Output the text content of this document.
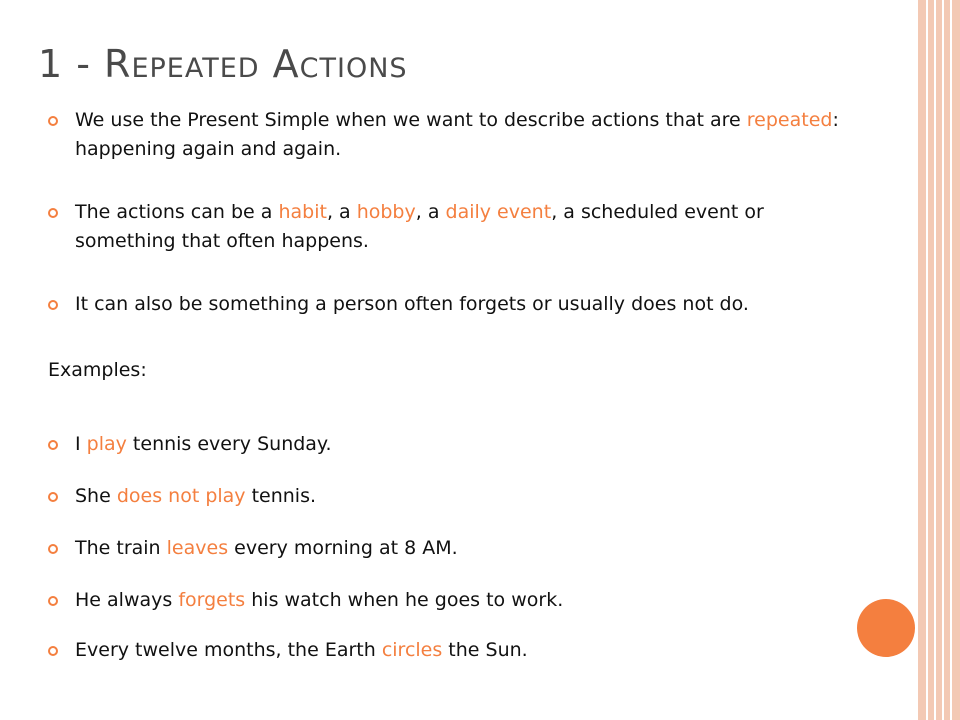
1 - Repeated Actions
We use the Present Simple when we want to describe actions that are repeated: happening again and again.
The actions can be a habit, a hobby, a daily event, a scheduled event or something that often happens.
It can also be something a person often forgets or usually does not do.
Examples:
I play tennis every Sunday.
She does not play tennis.
The train leaves every morning at 8 AM.
He always forgets his watch when he goes to work.
Every twelve months, the Earth circles the Sun.
